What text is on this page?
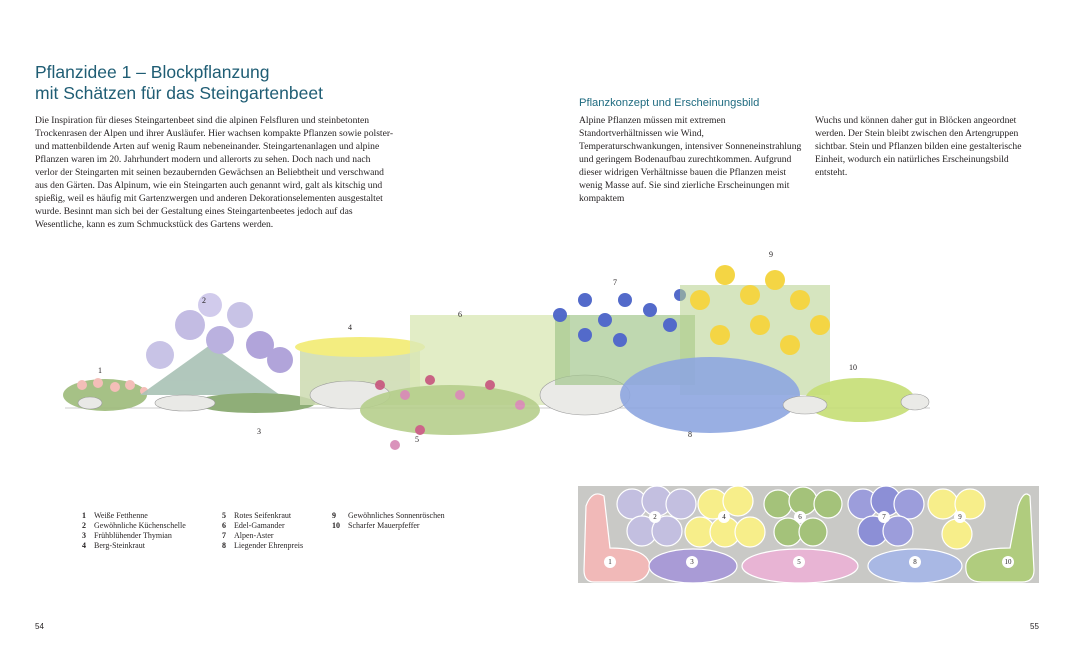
Pflanzidee 1 – Blockpflanzung
mit Schätzen für das Steingartenbeet

Die Inspiration für dieses Steingartenbeet sind die alpinen Felsfluren und steinbetonten Trockenrasen der Alpen und ihrer Ausläufer. Hier wachsen kompakte Pflanzen sowie polster- und mattenbildende Arten auf wenig Raum nebeneinander. Steingartenanlagen und alpine Pflanzen waren im 20. Jahrhundert modern und allerorts zu sehen. Doch nach und nach verlor der Steingarten mit seinen bezaubernden Gewächsen an Beliebtheit und verschwand aus den Gärten. Das Alpinum, wie ein Steingarten auch genannt wird, galt als kitschig und spießig, weil es häufig mit Gartenzwergen und anderen Dekorationselementen ausgestaltet wurde. Besinnt man sich bei der Gestaltung eines Steingartenbeetes jedoch auf das Wesentliche, kann es zum Schmuckstück des Gartens werden.

Pflanzkonzept und Erscheinungsbild

Alpine Pflanzen müssen mit extremen Standortverhältnissen wie Wind, Temperaturschwankungen, intensiver Sonneneinstrahlung und geringem Bodenaufbau zurechtkommen. Aufgrund dieser widrigen Verhältnisse bauen die Pflanzen meist wenig Masse auf. Sie sind zierliche Erscheinungen mit kompaktem

Wuchs und können daher gut in Blöcken angeordnet werden. Der Stein bleibt zwischen den Artengruppen sichtbar. Stein und Pflanzen bilden eine gestalterische Einheit, wodurch ein natürliches Erscheinungsbild entsteht.

1
2
3
4
5
6
7
8
9
10
1	Weiße Fetthenne
2	Gewöhnliche Küchenschelle
3	Frühblühender Thymian
4	Berg-Steinkraut
5	Rotes Seifenkraut
6	Edel-Gamander
7	Alpen-Aster
8	Liegender Ehrenpreis
9	Gewöhnliches Sonnenröschen
10	Scharfer Mauerpfeffer
1
2
3
4
5
6	7
8
9
10
54	55
